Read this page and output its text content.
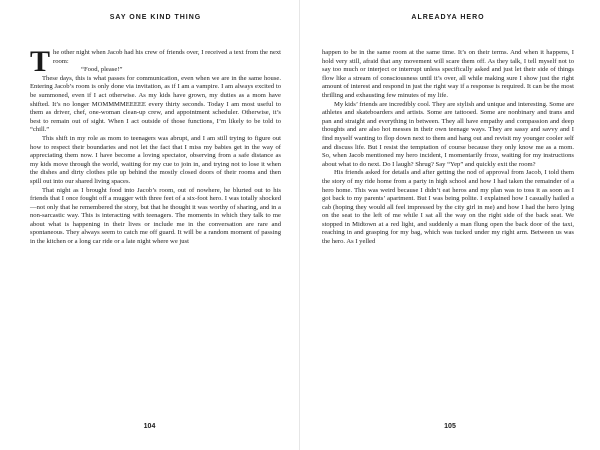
SAY ONE KIND THING
T he other night when Jacob had his crew of friends over, I received a text from the next room:

“Food, please!”

These days, this is what passes for communication, even when we are in the same house. Entering Jacob’s room is only done via invitation, as if I am a vampire. I am always excited to be summoned, even if I act otherwise. As my kids have grown, my duties as a mom have shifted. It’s no longer MOMMMMEEEEE every thirty seconds. Today I am most useful to them as driver, chef, one-woman clean-up crew, and appointment scheduler. Otherwise, it’s best to remain out of sight. When I act outside of those functions, I’m likely to be told to “chill.”

This shift in my role as mom to teenagers was abrupt, and I am still trying to figure out how to respect their boundaries and not let the fact that I miss my babies get in the way of appreciating them now. I have become a loving spectator, observing from a safe distance as my kids move through the world, waiting for my cue to join in, and trying not to lose it when the dishes and dirty clothes pile up behind the mostly closed doors of their rooms and then spill out into our shared living spaces.

That night as I brought food into Jacob’s room, out of nowhere, he blurted out to his friends that I once fought off a mugger with three feet of a six-foot hero. I was totally shocked—not only that he remembered the story, but that he thought it was worthy of sharing, and in a non-sarcastic way. This is interacting with teenagers. The moments in which they talk to me about what is happening in their lives or include me in the conversation are rare and spontaneous. They always seem to catch me off guard. It will be a random moment of passing in the kitchen or a long car ride or a late night where we just

104
ALREADYA HERO

happen to be in the same room at the same time. It’s on their terms. And when it happens, I hold very still, afraid that any movement will scare them off. As they talk, I tell myself not to say too much or interject or interrupt unless specifically asked and just let their side of things flow like a stream of consciousness until it’s over, all while making sure I show just the right amount of interest and respond in just the right way if a response is required. It can be the most thrilling and exhausting few minutes of my life.

My kids’ friends are incredibly cool. They are stylish and unique and interesting. Some are athletes and skateboarders and artists. Some are tattooed. Some are nonbinary and trans and pan and straight and everything in between. They all have empathy and compassion and deep thoughts and are also hot messes in their own teenage ways. They are sassy and savvy and I find myself wanting to flop down next to them and hang out and revisit my younger cooler self and discuss life. But I resist the temptation of course because they only know me as a mom. So, when Jacob mentioned my hero incident, I momentarily froze, waiting for my instructions about what to do next. Do I laugh? Shrug? Say “Yep” and quickly exit the room?

His friends asked for details and after getting the nod of approval from Jacob, I told them the story of my ride home from a party in high school and how I had taken the remainder of a hero home. This was weird because I didn’t eat heros and my plan was to toss it as soon as I got back to my parents’ apartment. But I was being polite. I explained how I casually hailed a cab (hoping they would all feel impressed by the city girl in me) and how I had the hero lying on the seat to the left of me while I sat all the way on the right side of the back seat. We stopped in Midtown at a red light, and suddenly a man flung open the back door of the taxi, reaching in and grasping for my bag, which was tucked under my right arm. Between us was the hero. As I yelled

105
